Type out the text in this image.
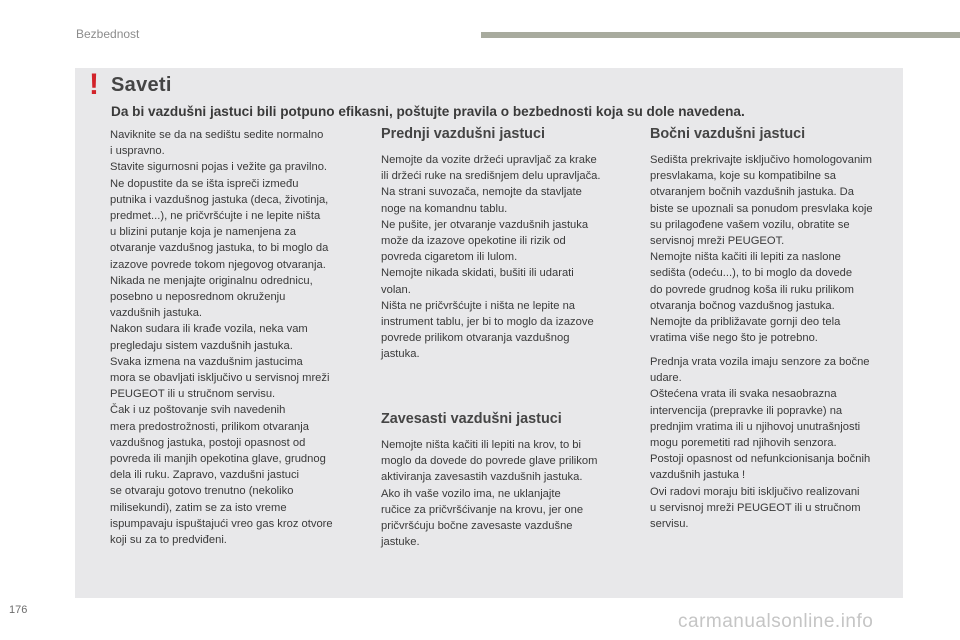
Bezbednost
! Saveti
Da bi vazdušni jastuci bili potpuno efikasni, poštujte pravila o bezbednosti koja su dole navedena.

Naviknite se da na sedištu sedite normalno

i uspravno.

Stavite sigurnosni pojas i vežite ga pravilno.

Ne dopustite da se išta ispreči između

putnika i vazdušnog jastuka (deca, životinja,

predmet...), ne pričvršćujte i ne lepite ništa

u blizini putanje koja je namenjena za

otvaranje vazdušnog jastuka, to bi moglo da

izazove povrede tokom njegovog otvaranja.

Nikada ne menjajte originalnu odrednicu,

posebno u neposrednom okruženju

vazdušnih jastuka.

Nakon sudara ili krađe vozila, neka vam

pregledaju sistem vazdušnih jastuka.

Svaka izmena na vazdušnim jastucima

mora se obavljati isključivo u servisnoj mreži

PEUGEOT ili u stručnom servisu.

Čak i uz poštovanje svih navedenih

mera predostrožnosti, prilikom otvaranja

vazdušnog jastuka, postoji opasnost od

povreda ili manjih opekotina glave, grudnog

dela ili ruku. Zapravo, vazdušni jastuci

se otvaraju gotovo trenutno (nekoliko

milisekundi), zatim se za isto vreme

ispumpavaju ispuštajući vreo gas kroz otvore

koji su za to predviđeni.

Prednji vazdušni jastuci

Nemojte da vozite držeći upravljač za krake

ili držeći ruke na središnjem delu upravljača.

Na strani suvozača, nemojte da stavljate

noge na komandnu tablu.

Ne pušite, jer otvaranje vazdušnih jastuka

može da izazove opekotine ili rizik od

povreda cigaretom ili lulom.

Nemojte nikada skidati, bušiti ili udarati

volan.

Ništa ne pričvršćujte i ništa ne lepite na

instrument tablu, jer bi to moglo da izazove

povrede prilikom otvaranja vazdušnog

jastuka.

Zavesasti vazdušni jastuci

Nemojte ništa kačiti ili lepiti na krov, to bi

moglo da dovede do povrede glave prilikom

aktiviranja zavesastih vazdušnih jastuka.

Ako ih vaše vozilo ima, ne uklanjajte

ručice za pričvršćivanje na krovu, jer one

pričvršćuju bočne zavesaste vazdušne

jastuke.

Bočni vazdušni jastuci

Sedišta prekrivajte isključivo homologovanim

presvlakama, koje su kompatibilne sa

otvaranjem bočnih vazdušnih jastuka. Da

biste se upoznali sa ponudom presvlaka koje

su prilagođene vašem vozilu, obratite se

servisnoj mreži PEUGEOT.

Nemojte ništa kačiti ili lepiti za naslone

sedišta (odeću...), to bi moglo da dovede

do povrede grudnog koša ili ruku prilikom

otvaranja bočnog vazdušnog jastuka.

Nemojte da približavate gornji deo tela

vratima više nego što je potrebno.

Prednja vrata vozila imaju senzore za bočne

udare.

Oštećena vrata ili svaka nesaobrazna

intervencija (prepravke ili popravke) na

prednjim vratima ili u njihovoj unutrašnjosti

mogu poremetiti rad njihovih senzora.

Postoji opasnost od nefunkcionisanja bočnih

vazdušnih jastuka !

Ovi radovi moraju biti isključivo realizovani

u servisnoj mreži PEUGEOT ili u stručnom

servisu.

176
carmanualsonline.info
